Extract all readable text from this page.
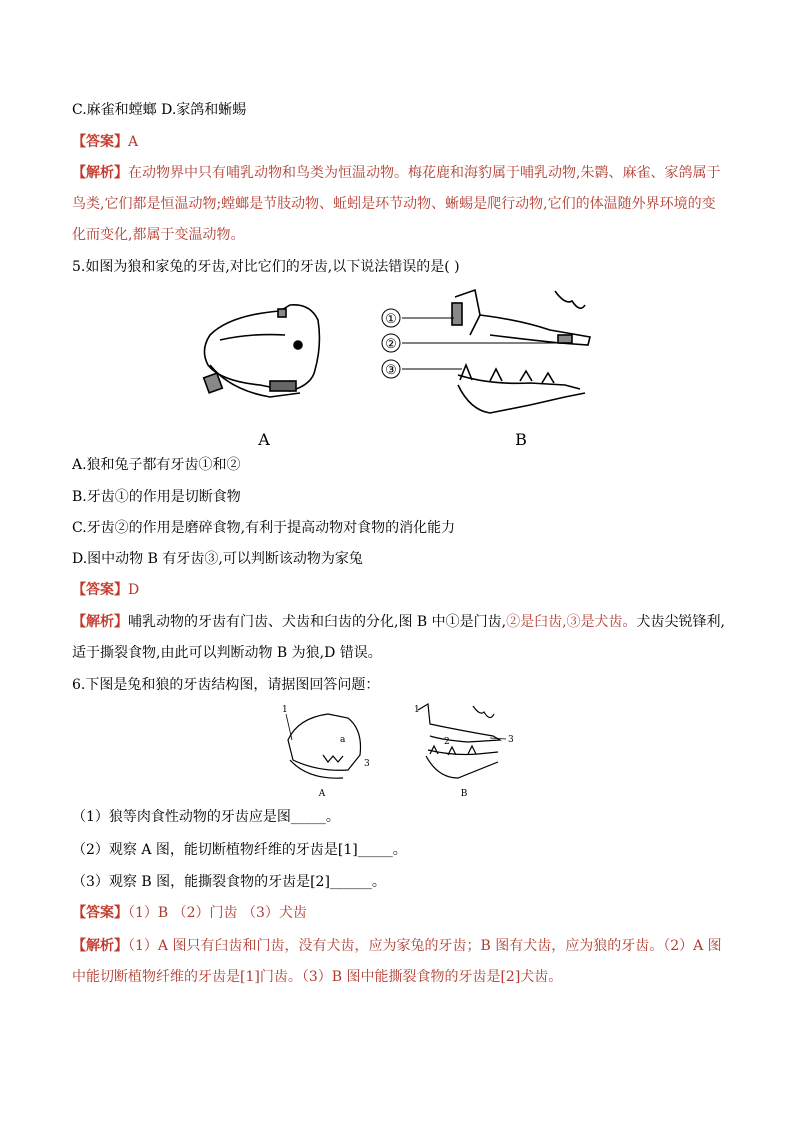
C.麻雀和螳螂 D.家鸽和蜥蜴
【答案】A
【解析】在动物界中只有哺乳动物和鸟类为恒温动物。梅花鹿和海豹属于哺乳动物,朱鹮、麻雀、家鸽属于
鸟类,它们都是恒温动物;螳螂是节肢动物、蚯蚓是环节动物、蜥蜴是爬行动物,它们的体温随外界环境的变
化而变化,都属于变温动物。
5.如图为狼和家兔的牙齿,对比它们的牙齿,以下说法错误的是( )
A	B
①
②
③
A.狼和兔子都有牙齿①和②
B.牙齿①的作用是切断食物
C.牙齿②的作用是磨碎食物,有利于提高动物对食物的消化能力
D.图中动物 B 有牙齿③,可以判断该动物为家兔
【答案】D
【解析】哺乳动物的牙齿有门齿、犬齿和臼齿的分化,图 B 中①是门齿,②是臼齿,③是犬齿。犬齿尖锐锋利,
适于撕裂食物,由此可以判断动物 B 为狼,D 错误。
6.下图是兔和狼的牙齿结构图，请据图回答问题：
1
a
3
A
1
2	3
B
（1）狼等肉食性动物的牙齿应是图_____。
（2）观察 A 图，能切断植物纤维的牙齿是[1]_____。
（3）观察 B 图，能撕裂食物的牙齿是[2]______。
【答案】（1）B （2）门齿 （3）犬齿
【解析】（1）A 图只有臼齿和门齿，没有犬齿，应为家兔的牙齿；B 图有犬齿，应为狼的牙齿。（2）A 图
中能切断植物纤维的牙齿是[1]门齿。（3）B 图中能撕裂食物的牙齿是[2]犬齿。
